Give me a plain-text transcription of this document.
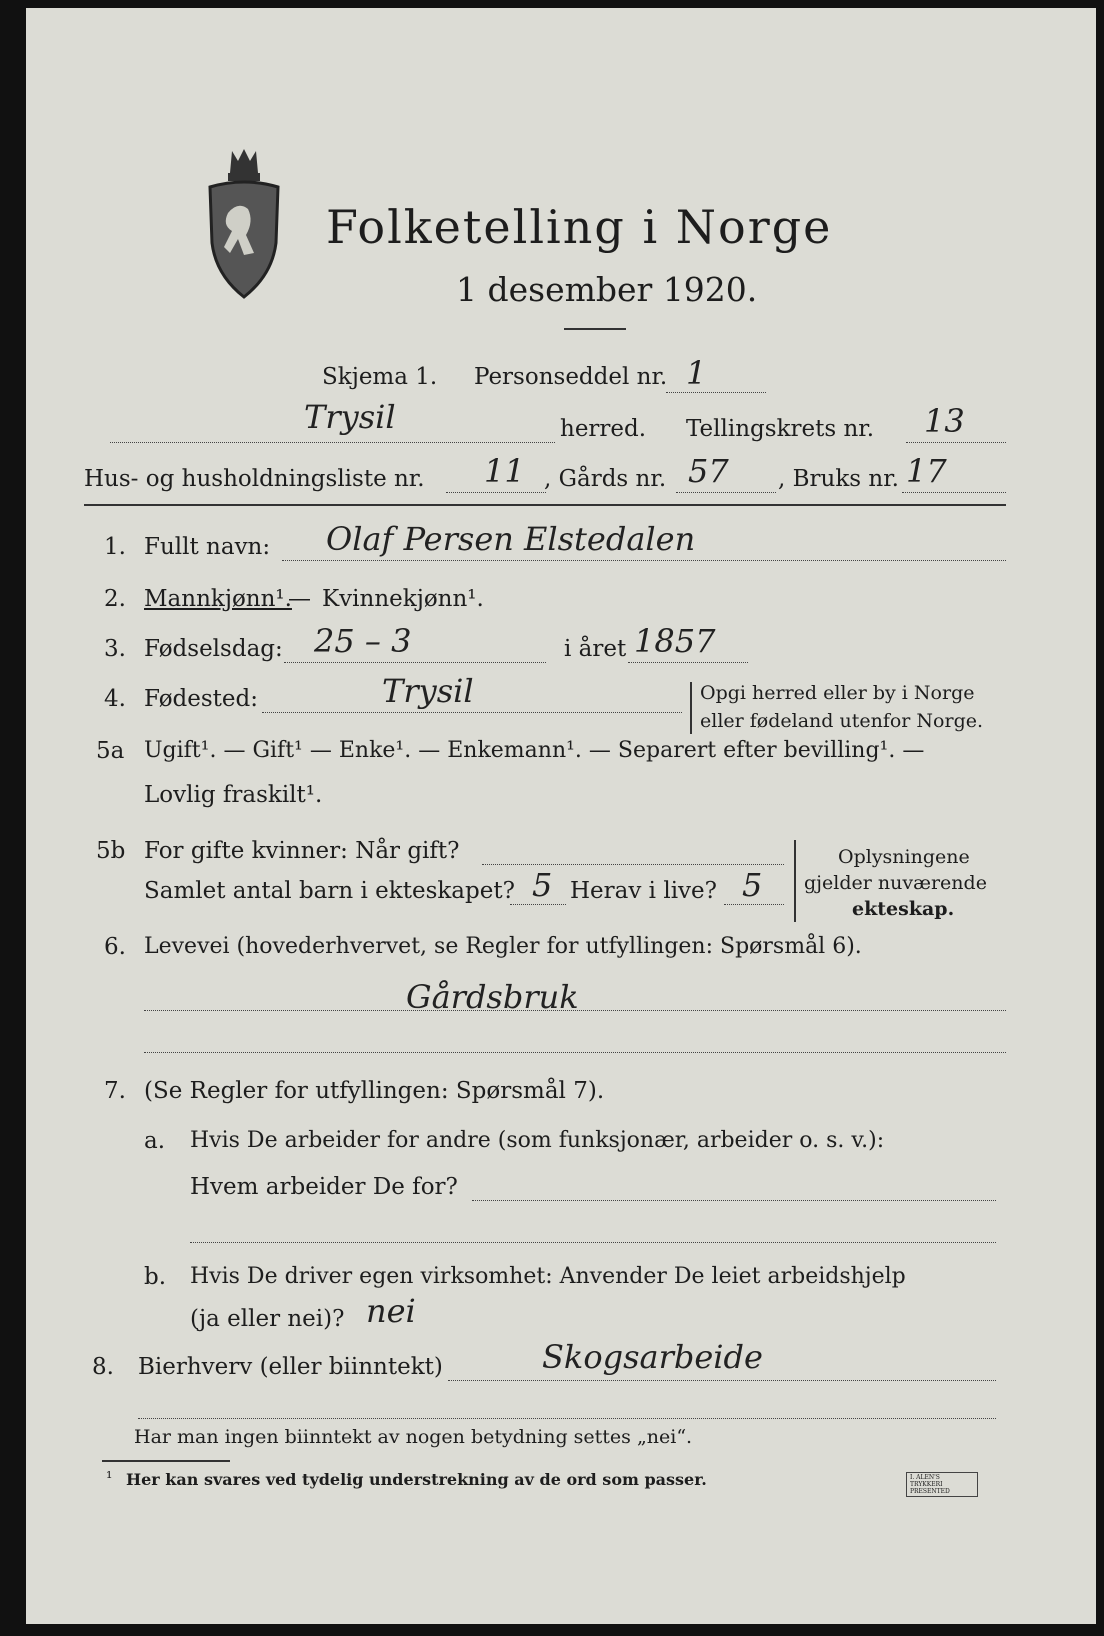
Folketelling i Norge
1 desember 1920.
Skjema 1. Personseddel nr. 1
Trysil	herred. Tellingskrets nr. 13
Hus- og husholdningsliste nr. 11 , Gårds nr. 57 , Bruks nr. 17
1. Fullt navn: Olaf Persen Elstedalen
2. Mannkjønn¹.
— Kvinnekjønn¹.
3. Fødselsdag: 25 – 3	i året 1857
4. Fødested:	Trysil	Opgi herred eller by i Norge
eller fødeland utenfor Norge.
5a Ugift¹. — Gift¹ — Enke¹. — Enkemann¹. — Separert efter bevilling¹. —
Lovlig fraskilt¹.
5b For gifte kvinner: Når gift?
Samlet antal barn i ekteskapet? 5 Herav i live? 5
Oplysningene
gjelder nuværende
ekteskap.
6. Levevei (hovederhvervet, se Regler for utfyllingen: Spørsmål 6).
Gårdsbruk
7. (Se Regler for utfyllingen: Spørsmål 7).
a. Hvis De arbeider for andre (som funksjonær, arbeider o. s. v.):
Hvem arbeider De for?
b. Hvis De driver egen virksomhet: Anvender De leiet arbeidshjelp
(ja eller nei)? nei
8. Bierhverv (eller biinntekt)	Skogsarbeide
Har man ingen biinntekt av nogen betydning settes „nei“.
¹ Her kan svares ved tydelig understrekning av de ord som passer.	I. ALEN'S TRYKKERI PRESENTED
